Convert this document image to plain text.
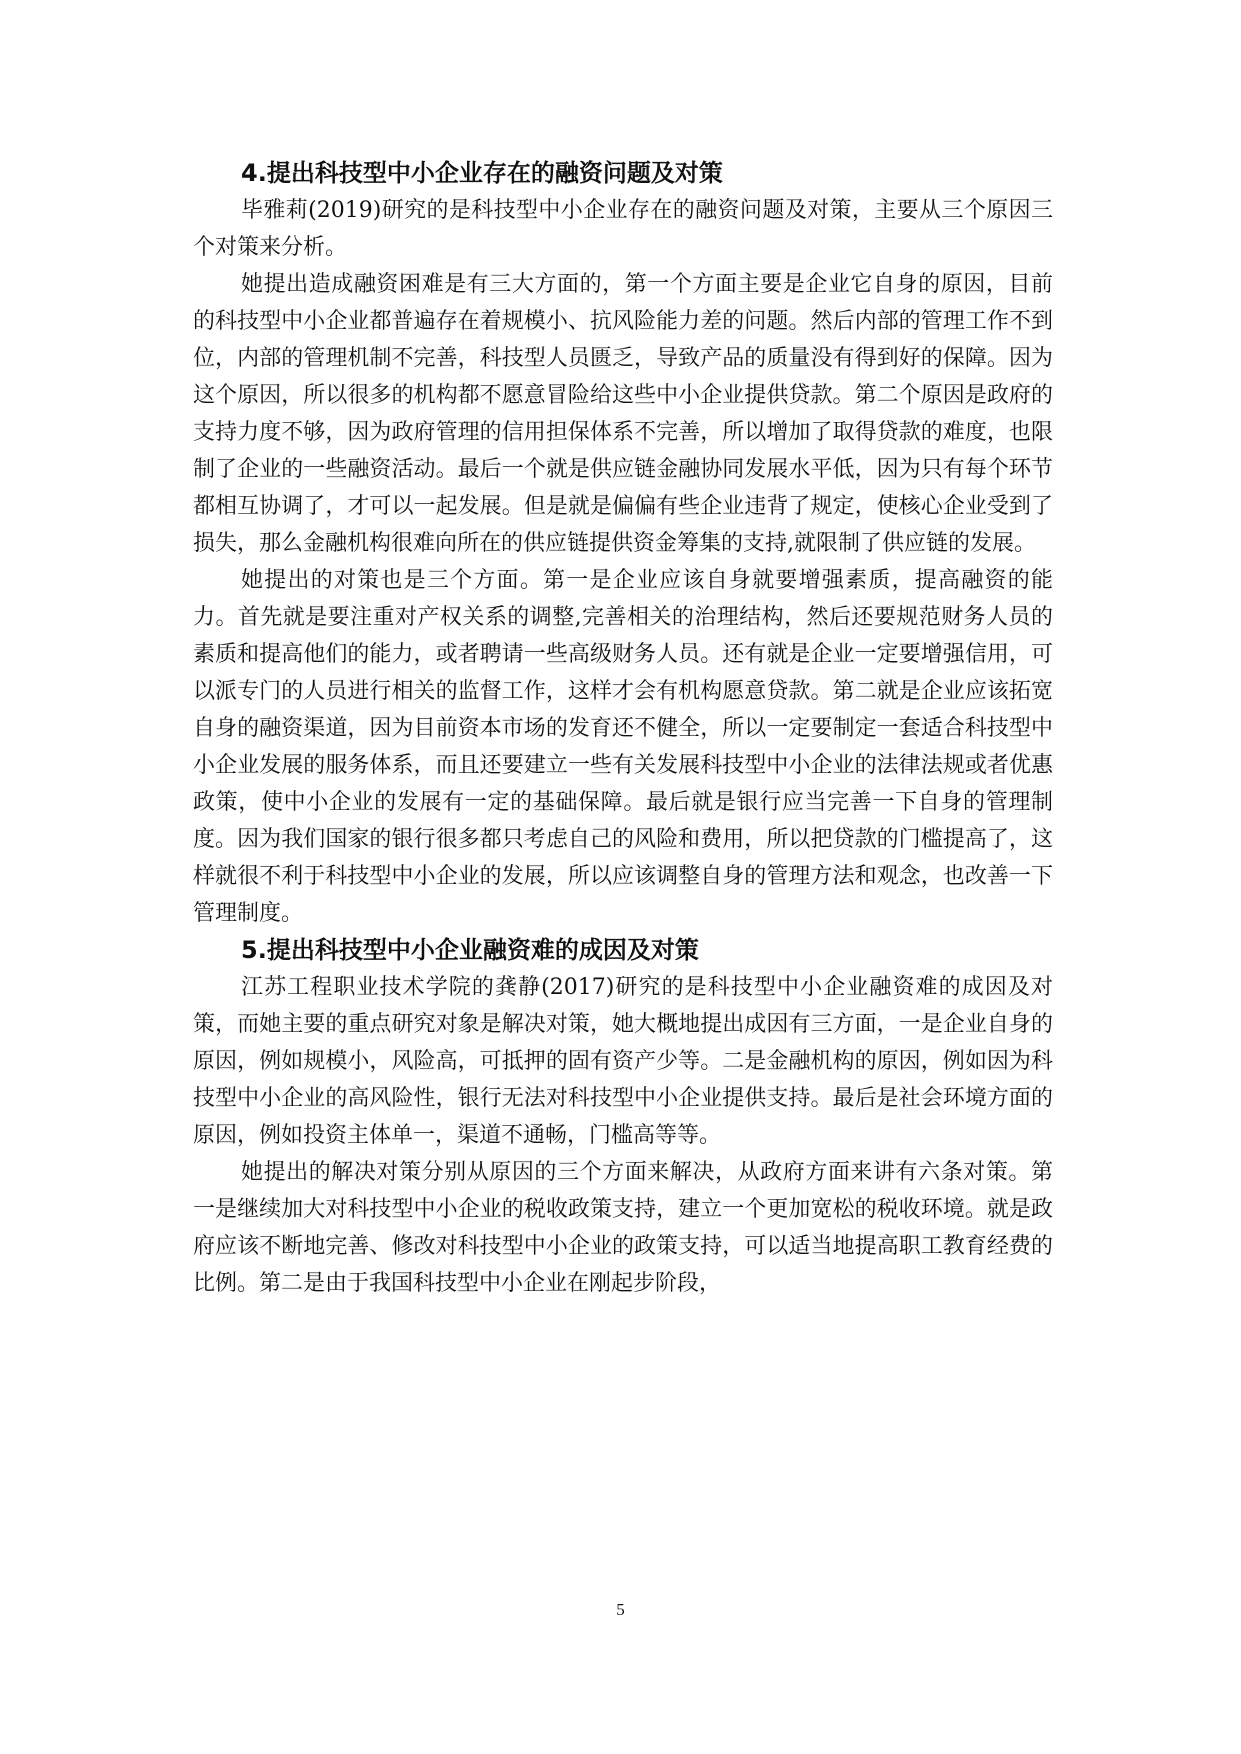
4.提出科技型中小企业存在的融资问题及对策

毕雅莉(2019)研究的是科技型中小企业存在的融资问题及对策，主要从三个原因三个对策来分析。

她提出造成融资困难是有三大方面的，第一个方面主要是企业它自身的原因，目前的科技型中小企业都普遍存在着规模小、抗风险能力差的问题。然后内部的管理工作不到位，内部的管理机制不完善，科技型人员匮乏，导致产品的质量没有得到好的保障。因为这个原因，所以很多的机构都不愿意冒险给这些中小企业提供贷款。第二个原因是政府的支持力度不够，因为政府管理的信用担保体系不完善，所以增加了取得贷款的难度，也限制了企业的一些融资活动。最后一个就是供应链金融协同发展水平低，因为只有每个环节都相互协调了，才可以一起发展。但是就是偏偏有些企业违背了规定，使核心企业受到了损失，那么金融机构很难向所在的供应链提供资金筹集的支持,就限制了供应链的发展。

她提出的对策也是三个方面。第一是企业应该自身就要增强素质，提高融资的能力。首先就是要注重对产权关系的调整,完善相关的治理结构，然后还要规范财务人员的素质和提高他们的能力，或者聘请一些高级财务人员。还有就是企业一定要增强信用，可以派专门的人员进行相关的监督工作，这样才会有机构愿意贷款。第二就是企业应该拓宽自身的融资渠道，因为目前资本市场的发育还不健全，所以一定要制定一套适合科技型中小企业发展的服务体系，而且还要建立一些有关发展科技型中小企业的法律法规或者优惠政策，使中小企业的发展有一定的基础保障。最后就是银行应当完善一下自身的管理制度。因为我们国家的银行很多都只考虑自己的风险和费用，所以把贷款的门槛提高了，这样就很不利于科技型中小企业的发展，所以应该调整自身的管理方法和观念，也改善一下管理制度。

5.提出科技型中小企业融资难的成因及对策

江苏工程职业技术学院的龚静(2017)研究的是科技型中小企业融资难的成因及对策，而她主要的重点研究对象是解决对策，她大概地提出成因有三方面，一是企业自身的原因，例如规模小，风险高，可抵押的固有资产少等。二是金融机构的原因，例如因为科技型中小企业的高风险性，银行无法对科技型中小企业提供支持。最后是社会环境方面的原因，例如投资主体单一，渠道不通畅，门槛高等等。

她提出的解决对策分别从原因的三个方面来解决，从政府方面来讲有六条对策。第一是继续加大对科技型中小企业的税收政策支持，建立一个更加宽松的税收环境。就是政府应该不断地完善、修改对科技型中小企业的政策支持，可以适当地提高职工教育经费的比例。第二是由于我国科技型中小企业在刚起步阶段，

5
